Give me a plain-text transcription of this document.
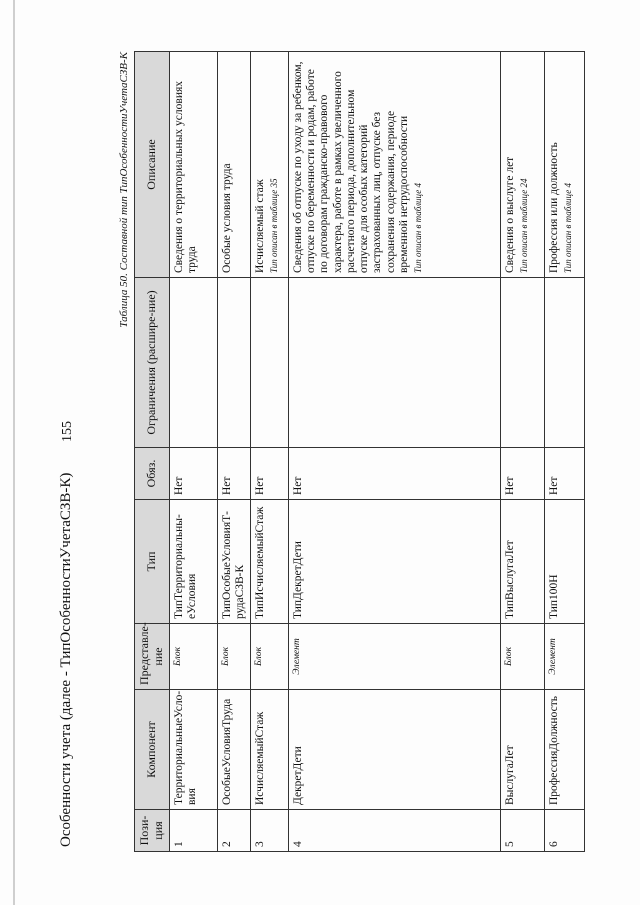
Особенности учета (далее - ТипОсобенностиУчетаСЗВ-К)
155
Таблица 50. Составной тип ТипОсобенностиУчетаСЗВ-К
Пози-ция	Компонент	Представле-ние	Тип	Обяз.	Ограничения (расшире-ние)	Описание
1	ТерриториальныеУсло-вия	Блок	ТипТерриториальны-еУсловия	Нет		Сведения о территориальных условиях труда
2	ОсобыеУсловияТруда	Блок	ТипОсобыеУсловияТ-рудаСЗВ-К	Нет		Особые условия труда
3	ИсчисляемыйСтаж	Блок	ТипИсчисляемыйСтаж	Нет		Исчисляемый стаж Тип описан в таблице 35

4	ДекретДети	Элемент	ТипДекретДети	Нет		Сведения об отпуске по уходу за ребенком, отпуске по беременности и родам, работе по договорам гражданско-правового характера, работе в рамках увеличенного расчетного периода, дополнительном отпуске для особых категорий застрахованных лиц, отпуске без сохранения содержания, периоде временной нетрудоспособности Тип описан в таблице 4

5	ВыслугаЛет	Блок	ТипВыслугаЛет	Нет		Сведения о выслуге лет Тип описан в таблице 24

6	ПрофессияДолжность	Элемент	Тип100Н	Нет		Профессия или должность Тип описан в таблице 4
